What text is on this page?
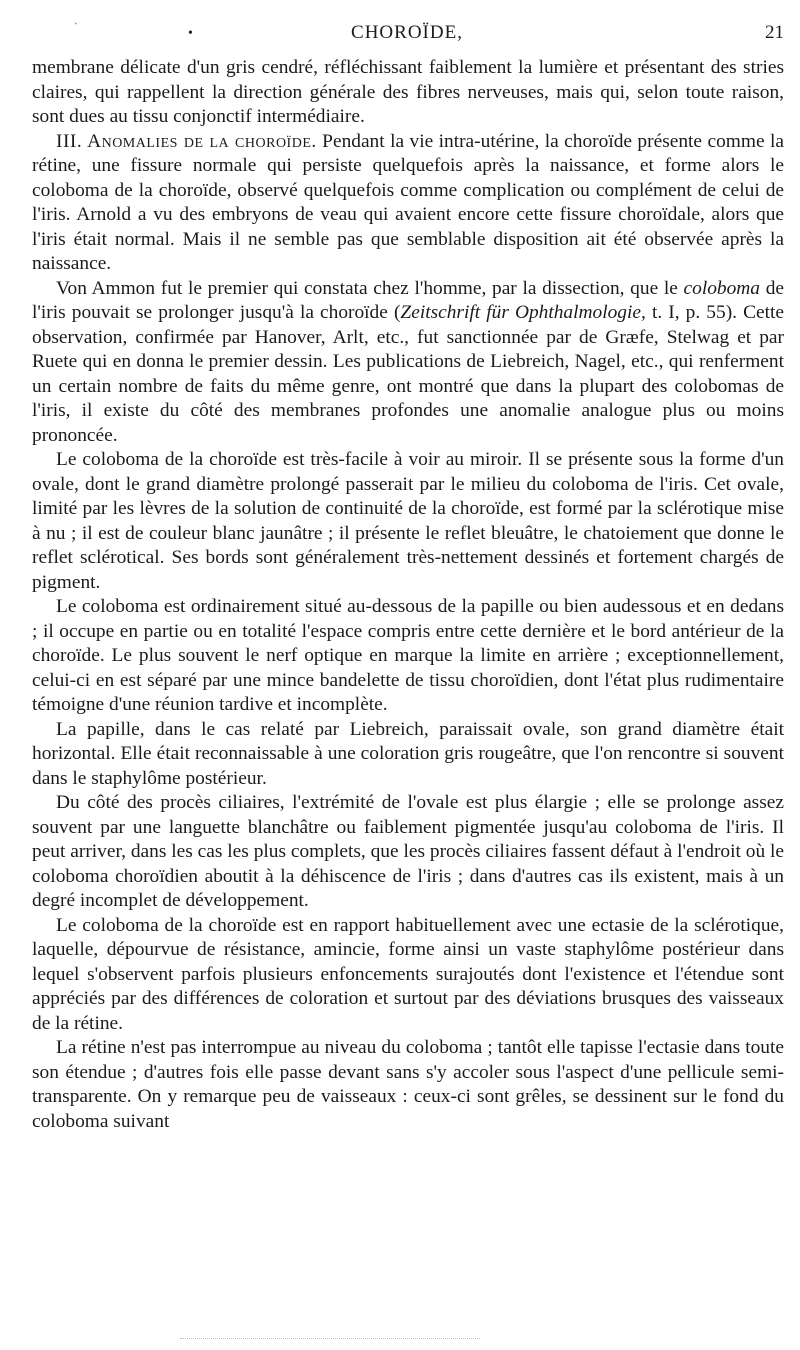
`	•	CHOROÏDE,	21

membrane délicate d'un gris cendré, réfléchissant faiblement la lumière et présentant des stries claires, qui rappellent la direction générale des fibres nerveuses, mais qui, selon toute raison, sont dues au tissu conjonctif intermédiaire.

III. Anomalies de la choroïde. Pendant la vie intra-utérine, la choroïde présente comme la rétine, une fissure normale qui persiste quelquefois après la naissance, et forme alors le coloboma de la choroïde, observé quelquefois comme complication ou complément de celui de l'iris. Arnold a vu des embryons de veau qui avaient encore cette fissure choroïdale, alors que l'iris était normal. Mais il ne semble pas que semblable disposition ait été observée après la naissance.

Von Ammon fut le premier qui constata chez l'homme, par la dissection, que le coloboma de l'iris pouvait se prolonger jusqu'à la choroïde (Zeitschrift für Ophthalmologie, t. I, p. 55). Cette observation, confirmée par Hanover, Arlt, etc., fut sanctionnée par de Græfe, Stelwag et par Ruete qui en donna le premier dessin. Les publications de Liebreich, Nagel, etc., qui renferment un certain nombre de faits du même genre, ont montré que dans la plupart des colobomas de l'iris, il existe du côté des membranes profondes une anomalie analogue plus ou moins prononcée.

Le coloboma de la choroïde est très-facile à voir au miroir. Il se présente sous la forme d'un ovale, dont le grand diamètre prolongé passerait par le milieu du coloboma de l'iris. Cet ovale, limité par les lèvres de la solution de continuité de la choroïde, est formé par la sclérotique mise à nu ; il est de couleur blanc jaunâtre ; il présente le reflet bleuâtre, le chatoiement que donne le reflet sclérotical. Ses bords sont généralement très-nettement dessinés et fortement chargés de pigment.

Le coloboma est ordinairement situé au-dessous de la papille ou bien audessous et en dedans ; il occupe en partie ou en totalité l'espace compris entre cette dernière et le bord antérieur de la choroïde. Le plus souvent le nerf optique en marque la limite en arrière ; exceptionnellement, celui-ci en est séparé par une mince bandelette de tissu choroïdien, dont l'état plus rudimentaire témoigne d'une réunion tardive et incomplète.

La papille, dans le cas relaté par Liebreich, paraissait ovale, son grand diamètre était horizontal. Elle était reconnaissable à une coloration gris rougeâtre, que l'on rencontre si souvent dans le staphylôme postérieur.

Du côté des procès ciliaires, l'extrémité de l'ovale est plus élargie ; elle se prolonge assez souvent par une languette blanchâtre ou faiblement pigmentée jusqu'au coloboma de l'iris. Il peut arriver, dans les cas les plus complets, que les procès ciliaires fassent défaut à l'endroit où le coloboma choroïdien aboutit à la déhiscence de l'iris ; dans d'autres cas ils existent, mais à un degré incomplet de développement.

Le coloboma de la choroïde est en rapport habituellement avec une ectasie de la sclérotique, laquelle, dépourvue de résistance, amincie, forme ainsi un vaste staphylôme postérieur dans lequel s'observent parfois plusieurs enfoncements surajoutés dont l'existence et l'étendue sont appréciés par des différences de coloration et surtout par des déviations brusques des vaisseaux de la rétine.

La rétine n'est pas interrompue au niveau du coloboma ; tantôt elle tapisse l'ectasie dans toute son étendue ; d'autres fois elle passe devant sans s'y accoler sous l'aspect d'une pellicule semi-transparente. On y remarque peu de vaisseaux : ceux-ci sont grêles, se dessinent sur le fond du coloboma suivant
